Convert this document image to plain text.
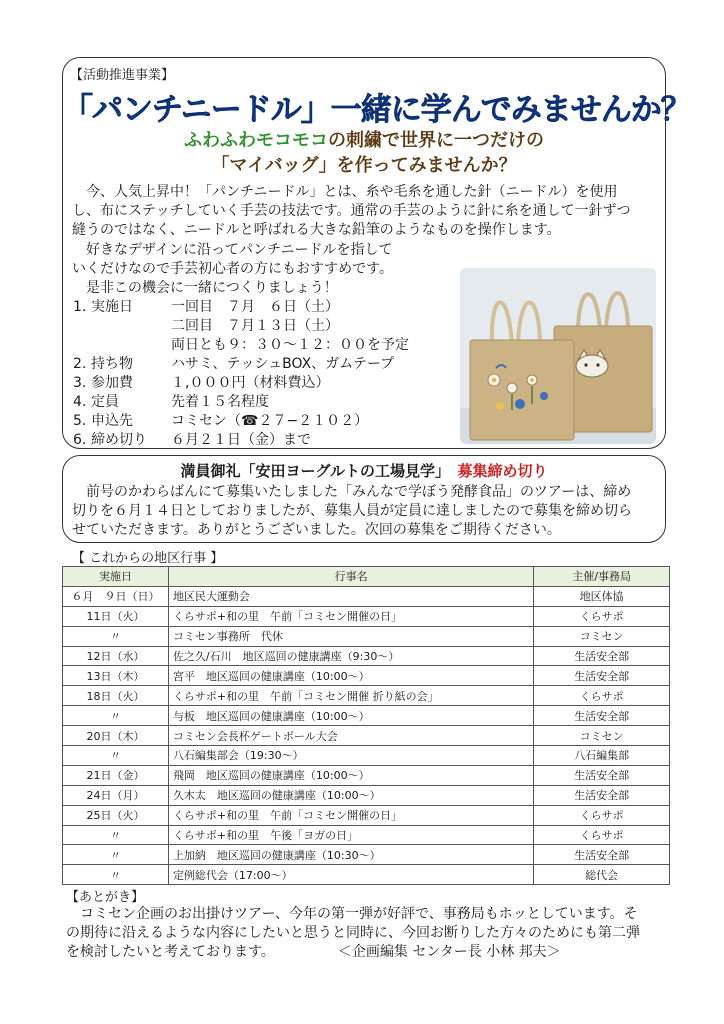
【活動推進事業】
「パンチニードル」一緒に学んでみませんか？
ふわふわモコモコの刺繍で世界に一つだけの
「マイバッグ」を作ってみませんか？
　今、人気上昇中！「パンチニードル」とは、糸や毛糸を通した針（ニードル）を使用
し、布にステッチしていく手芸の技法です。通常の手芸のように針に糸を通して一針ずつ
縫うのではなく、ニードルと呼ばれる大きな鉛筆のようなものを操作します。
　好きなデザインに沿ってパンチニードルを指して
いくだけなので手芸初心者の方にもおすすめです。
　是非この機会に一緒につくりましょう！
1. 実施日	一回目　７月　６日（土）
二回目　７月１３日（土）
両日とも９：３０～１２：００を予定
2. 持ち物	ハサミ、テッシュBOX、ガムテープ
3. 参加費	１,０００円（材料費込）
4. 定員	先着１５名程度
5. 申込先	コミセン（☎２７−２１０２）
6. 締め切り	６月２１日（金）まで
満員御礼「安田ヨーグルトの工場見学」　 募集締め切り
　前号のかわらばんにて募集いたしました「みんなで学ぼう発酵食品」のツアーは、締め
切りを６月１４日としておりましたが、募集人員が定員に達しましたので募集を締め切ら
せていただきます。ありがとうございました。次回の募集をご期待ください。
【 これからの地区行事 】
実施日	行事名	主催/事務局
６月　９日（日）	地区民大運動会	地区体協
11日（火）	くらサポ+和の里　午前「コミセン開催の日」	くらサポ
〃	コミセン事務所　代休	コミセン
12日（水）	佐之久/石川　地区巡回の健康講座（9:30～）	生活安全部
13日（木）	宮平　地区巡回の健康講座（10:00～）	生活安全部
18日（火）	くらサポ+和の里　午前「コミセン開催 折り紙の会」	くらサポ
〃	与板　地区巡回の健康講座（10:00～）	生活安全部
20日（木）	コミセン会長杯ゲートボール大会	コミセン
〃	八石編集部会（19:30～）	八石編集部
21日（金）	飛岡　地区巡回の健康講座（10:00～）	生活安全部
24日（月）	久木太　地区巡回の健康講座（10:00～）	生活安全部
25日（火）	くらサポ+和の里　午前「コミセン開催の日」	くらサポ
〃	くらサポ+和の里　午後「ヨガの日」	くらサポ
〃	上加納　地区巡回の健康講座（10:30～）	生活安全部
〃	定例総代会（17:00～）	総代会
【あとがき】
　コミセン企画のお出掛けツアー、今年の第一弾が好評で、事務局もホッとしています。そ
の期待に沿えるような内容にしたいと思うと同時に、今回お断りした方々のためにも第二弾
を検討したいと考えております。　　　　　＜企画編集 センター長 小林 邦夫＞
